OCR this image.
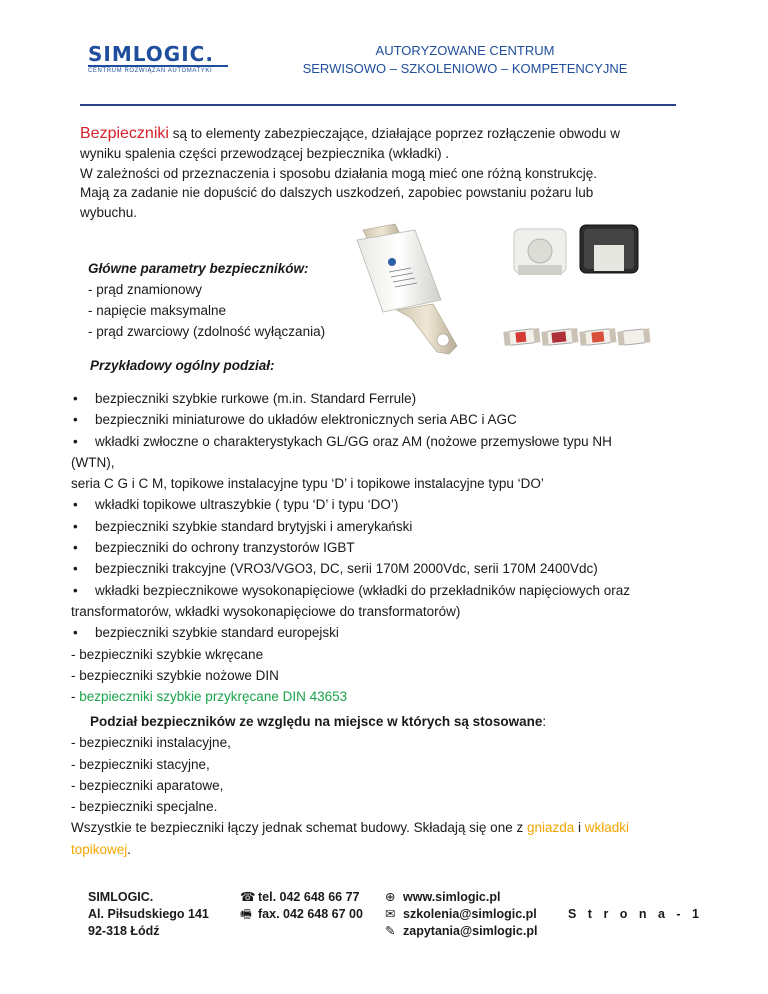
SIMLOGIC.
CENTRUM ROZWIĄZAŃ AUTOMATYKI
AUTORYZOWANE CENTRUM
SERWISOWO – SZKOLENIOWO – KOMPETENCYJNE
Bezpieczniki są to elementy zabezpieczające, działające poprzez rozłączenie obwodu w
wyniku spalenia części przewodzącej bezpiecznika (wkładki) .
W zależności od przeznaczenia i sposobu działania mogą mieć one różną konstrukcję.
Mają za zadanie nie dopuścić do dalszych uszkodzeń, zapobiec powstaniu pożaru lub
wybuchu.
Główne parametry bezpieczników:
- prąd znamionowy
- napięcie maksymalne
- prąd zwarciowy (zdolność wyłączania)
Przykładowy ogólny podział:
• bezpieczniki szybkie rurkowe (m.in. Standard Ferrule)
• bezpieczniki miniaturowe do układów elektronicznych seria ABC i AGC
• wkładki zwłoczne o charakterystykach GL/GG oraz AM (nożowe przemysłowe typu NH
(WTN),
seria C G i C M, topikowe instalacyjne typu ‘D’ i topikowe instalacyjne typu ‘DO’
• wkładki topikowe ultraszybkie ( typu ‘D’ i typu ‘DO’)
• bezpieczniki szybkie standard brytyjski i amerykański
• bezpieczniki do ochrony tranzystorów IGBT
• bezpieczniki trakcyjne (VRO3/VGO3, DC, serii 170M 2000Vdc, serii 170M 2400Vdc)
• wkładki bezpiecznikowe wysokonapięciowe (wkładki do przekładników napięciowych oraz
transformatorów, wkładki wysokonapięciowe do transformatorów)
• bezpieczniki szybkie standard europejski
- bezpieczniki szybkie wkręcane
- bezpieczniki szybkie nożowe DIN
- bezpieczniki szybkie przykręcane DIN 43653
Podział bezpieczników ze względu na miejsce w których są stosowane:
- bezpieczniki instalacyjne,
- bezpieczniki stacyjne,
- bezpieczniki aparatowe,
- bezpieczniki specjalne.
Wszystkie te bezpieczniki łączy jednak schemat budowy. Składają się one z gniazda i wkładki
topikowej.
SIMLOGIC.
Al. Piłsudskiego 141
92-318 Łódź
☎ tel. 042 648 66 77
🖷 fax. 042 648 67 00
⊕ www.simlogic.pl
✉ szkolenia@simlogic.pl
✎ zapytania@simlogic.pl
S t r o n a - 1
